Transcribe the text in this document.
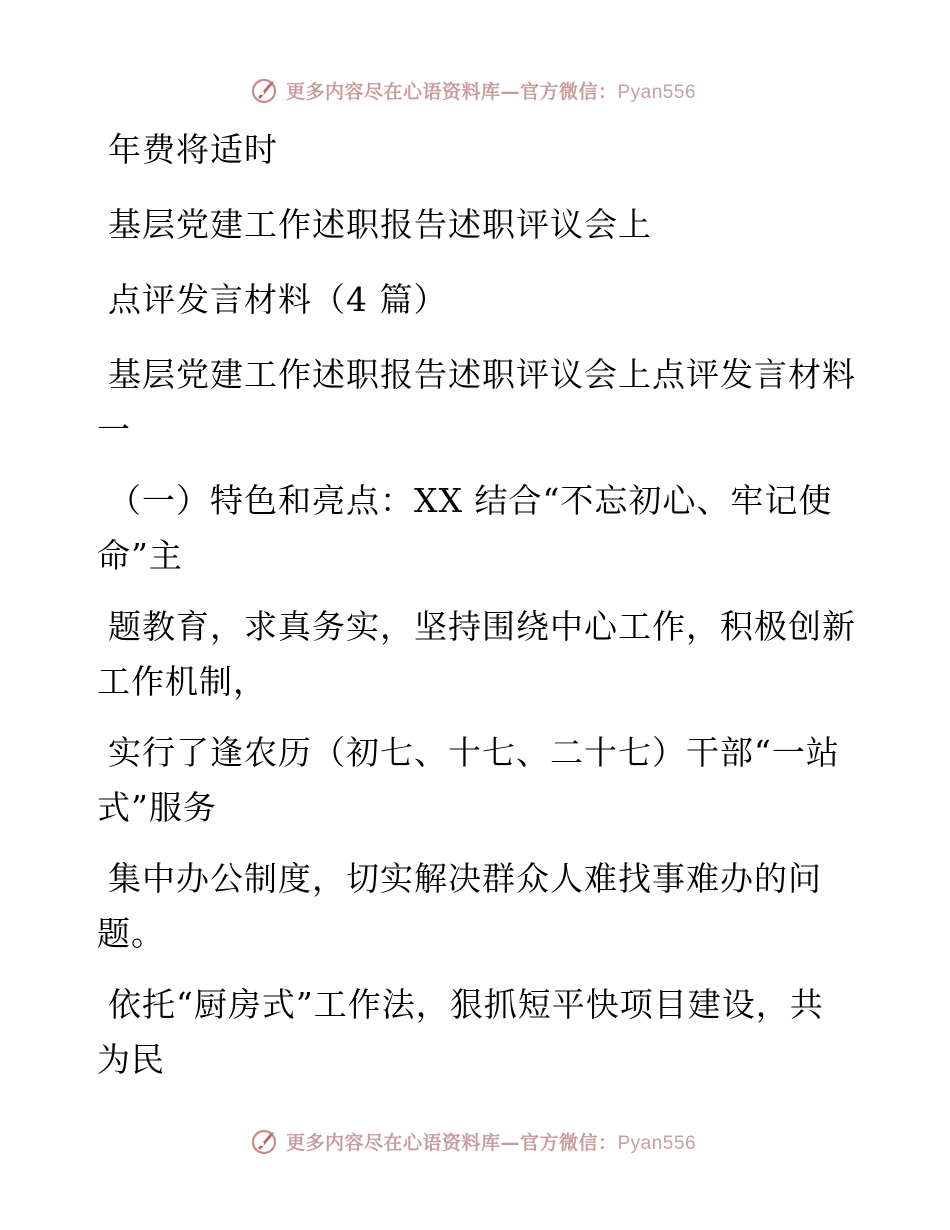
更多内容尽在心语资料库—官方微信：Pyan556

年费将适时

基层党建工作述职报告述职评议会上

点评发言材料（4 篇）

基层党建工作述职报告述职评议会上点评发言材料一

（一）特色和亮点：XX 结合“不忘初心、牢记使命”主

题教育，求真务实，坚持围绕中心工作，积极创新工作机制，

实行了逢农历（初七、十七、二十七）干部“一站式”服务

集中办公制度，切实解决群众人难找事难办的问题。

依托“厨房式”工作法，狠抓短平快项目建设，共为民

更多内容尽在心语资料库—官方微信：Pyan556
